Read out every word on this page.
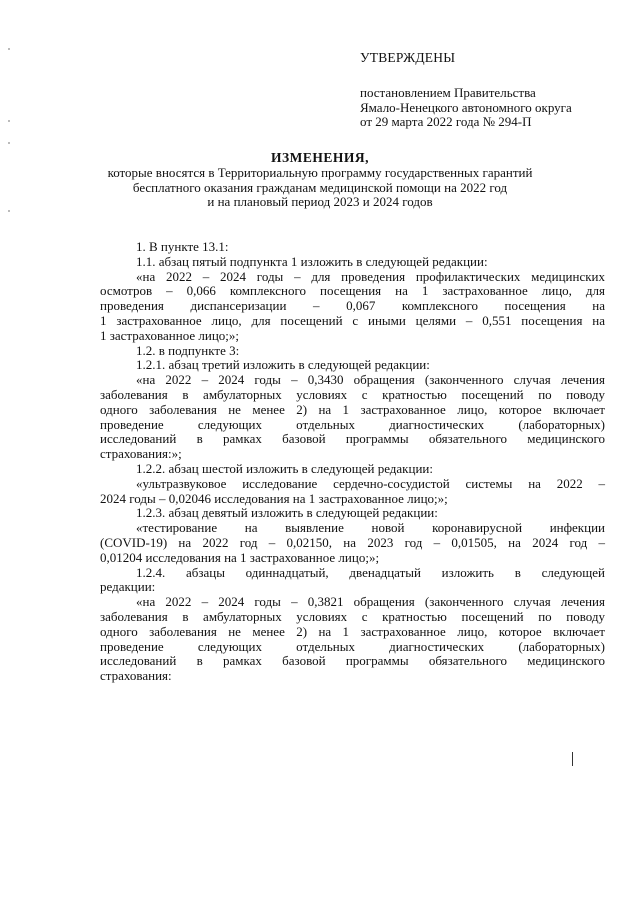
УТВЕРЖДЕНЫ
постановлением Правительства
Ямало-Ненецкого автономного округа
от 29 марта 2022 года № 294-П
ИЗМЕНЕНИЯ,
которые вносятся в Территориальную программу государственных гарантий
бесплатного оказания гражданам медицинской помощи на 2022 год
и на плановый период 2023 и 2024 годов
1. В пункте 13.1:
1.1. абзац пятый подпункта 1 изложить в следующей редакции:
«на 2022 – 2024 годы – для проведения профилактических медицинских
осмотров – 0,066 комплексного посещения на 1 застрахованное лицо, для
проведения диспансеризации – 0,067 комплексного посещения на
1 застрахованное лицо, для посещений с иными целями – 0,551 посещения на
1 застрахованное лицо;»;
1.2. в подпункте 3:
1.2.1. абзац третий изложить в следующей редакции:
«на 2022 – 2024 годы – 0,3430 обращения (законченного случая лечения
заболевания в амбулаторных условиях с кратностью посещений по поводу
одного заболевания не менее 2) на 1 застрахованное лицо, которое включает
проведение следующих отдельных диагностических (лабораторных)
исследований в рамках базовой программы обязательного медицинского
страхования:»;
1.2.2. абзац шестой изложить в следующей редакции:
«ультразвуковое исследование сердечно-сосудистой системы на 2022 –
2024 годы – 0,02046 исследования на 1 застрахованное лицо;»;
1.2.3. абзац девятый изложить в следующей редакции:
«тестирование на выявление новой коронавирусной инфекции
(COVID-19) на 2022 год – 0,02150, на 2023 год – 0,01505, на 2024 год –
0,01204 исследования на 1 застрахованное лицо;»;
1.2.4. абзацы одиннадцатый, двенадцатый изложить в следующей
редакции:
«на 2022 – 2024 годы – 0,3821 обращения (законченного случая лечения
заболевания в амбулаторных условиях с кратностью посещений по поводу
одного заболевания не менее 2) на 1 застрахованное лицо, которое включает
проведение следующих отдельных диагностических (лабораторных)
исследований в рамках базовой программы обязательного медицинского
страхования:
